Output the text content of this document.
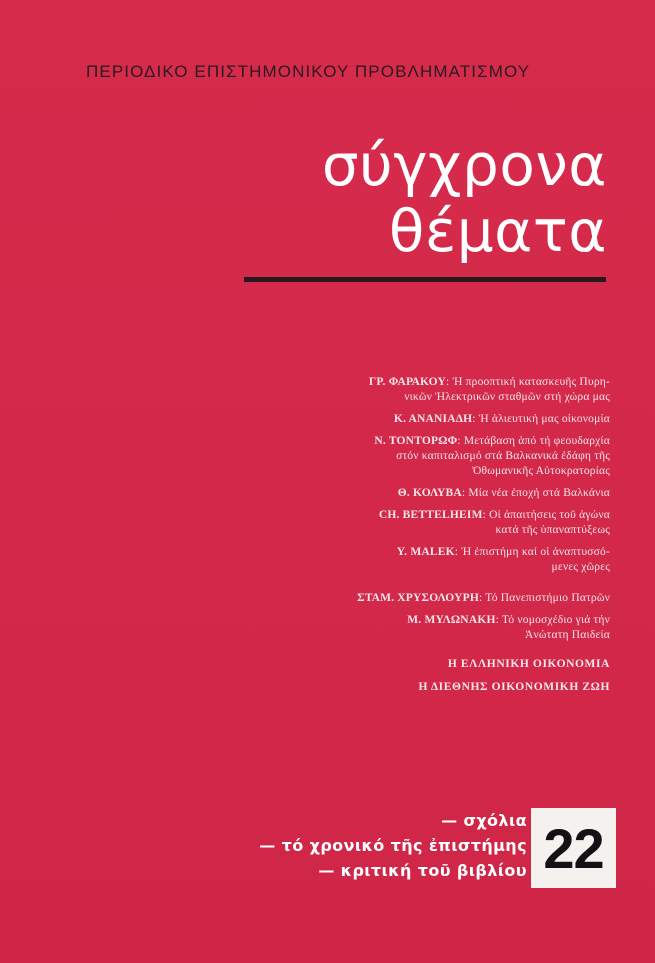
ΠΕΡΙΟΔΙΚΟ ΕΠΙΣΤΗΜΟΝΙΚΟΥ ΠΡΟΒΛΗΜΑΤΙΣΜΟΥ
σύγχρονα
θέματα
ΓΡ. ΦΑΡΑΚΟΥ: Ἡ προοπτική κατασκευῆς Πυρη-
νικῶν Ἠλεκτρικῶν σταθμῶν στή χώρα μας
Κ. ΑΝΑΝΙΑΔΗ: Ἡ ἁλιευτική μας οἰκονομία
Ν. ΤΟΝΤΟΡΩΦ: Μετάβαση ἀπό τή φεουδαρχία
στόν καπιταλισμό στά Βαλκανικά ἐδάφη τῆς
Ὀθωμανικῆς Αὐτοκρατορίας
Θ. ΚΟΛΥΒΑ: Μία νέα ἐποχή στά Βαλκάνια
CH. BETTELHEIM: Οἱ ἀπαιτήσεις τοῦ ἀγώνα
κατά τῆς ὑπαναπτύξεως
Y. MALEK: Ἡ ἐπιστήμη καί οἱ ἀναπτυσσό-
μενες χῶρες
ΣΤΑΜ. ΧΡΥΣΟΛΟΥΡΗ: Τό Πανεπιστήμιο Πατρῶν
Μ. ΜΥΛΩΝΑΚΗ: Τό νομοσχέδιο γιά τήν
Ἀνώτατη Παιδεία
Η ΕΛΛΗΝΙΚΗ ΟΙΚΟΝΟΜΙΑ
Η ΔΙΕΘΝΗΣ ΟΙΚΟΝΟΜΙΚΗ ΖΩΗ
— σχόλια
— τό χρονικό τῆς ἐπιστήμης
— κριτική τοῦ βιβλίου 22
